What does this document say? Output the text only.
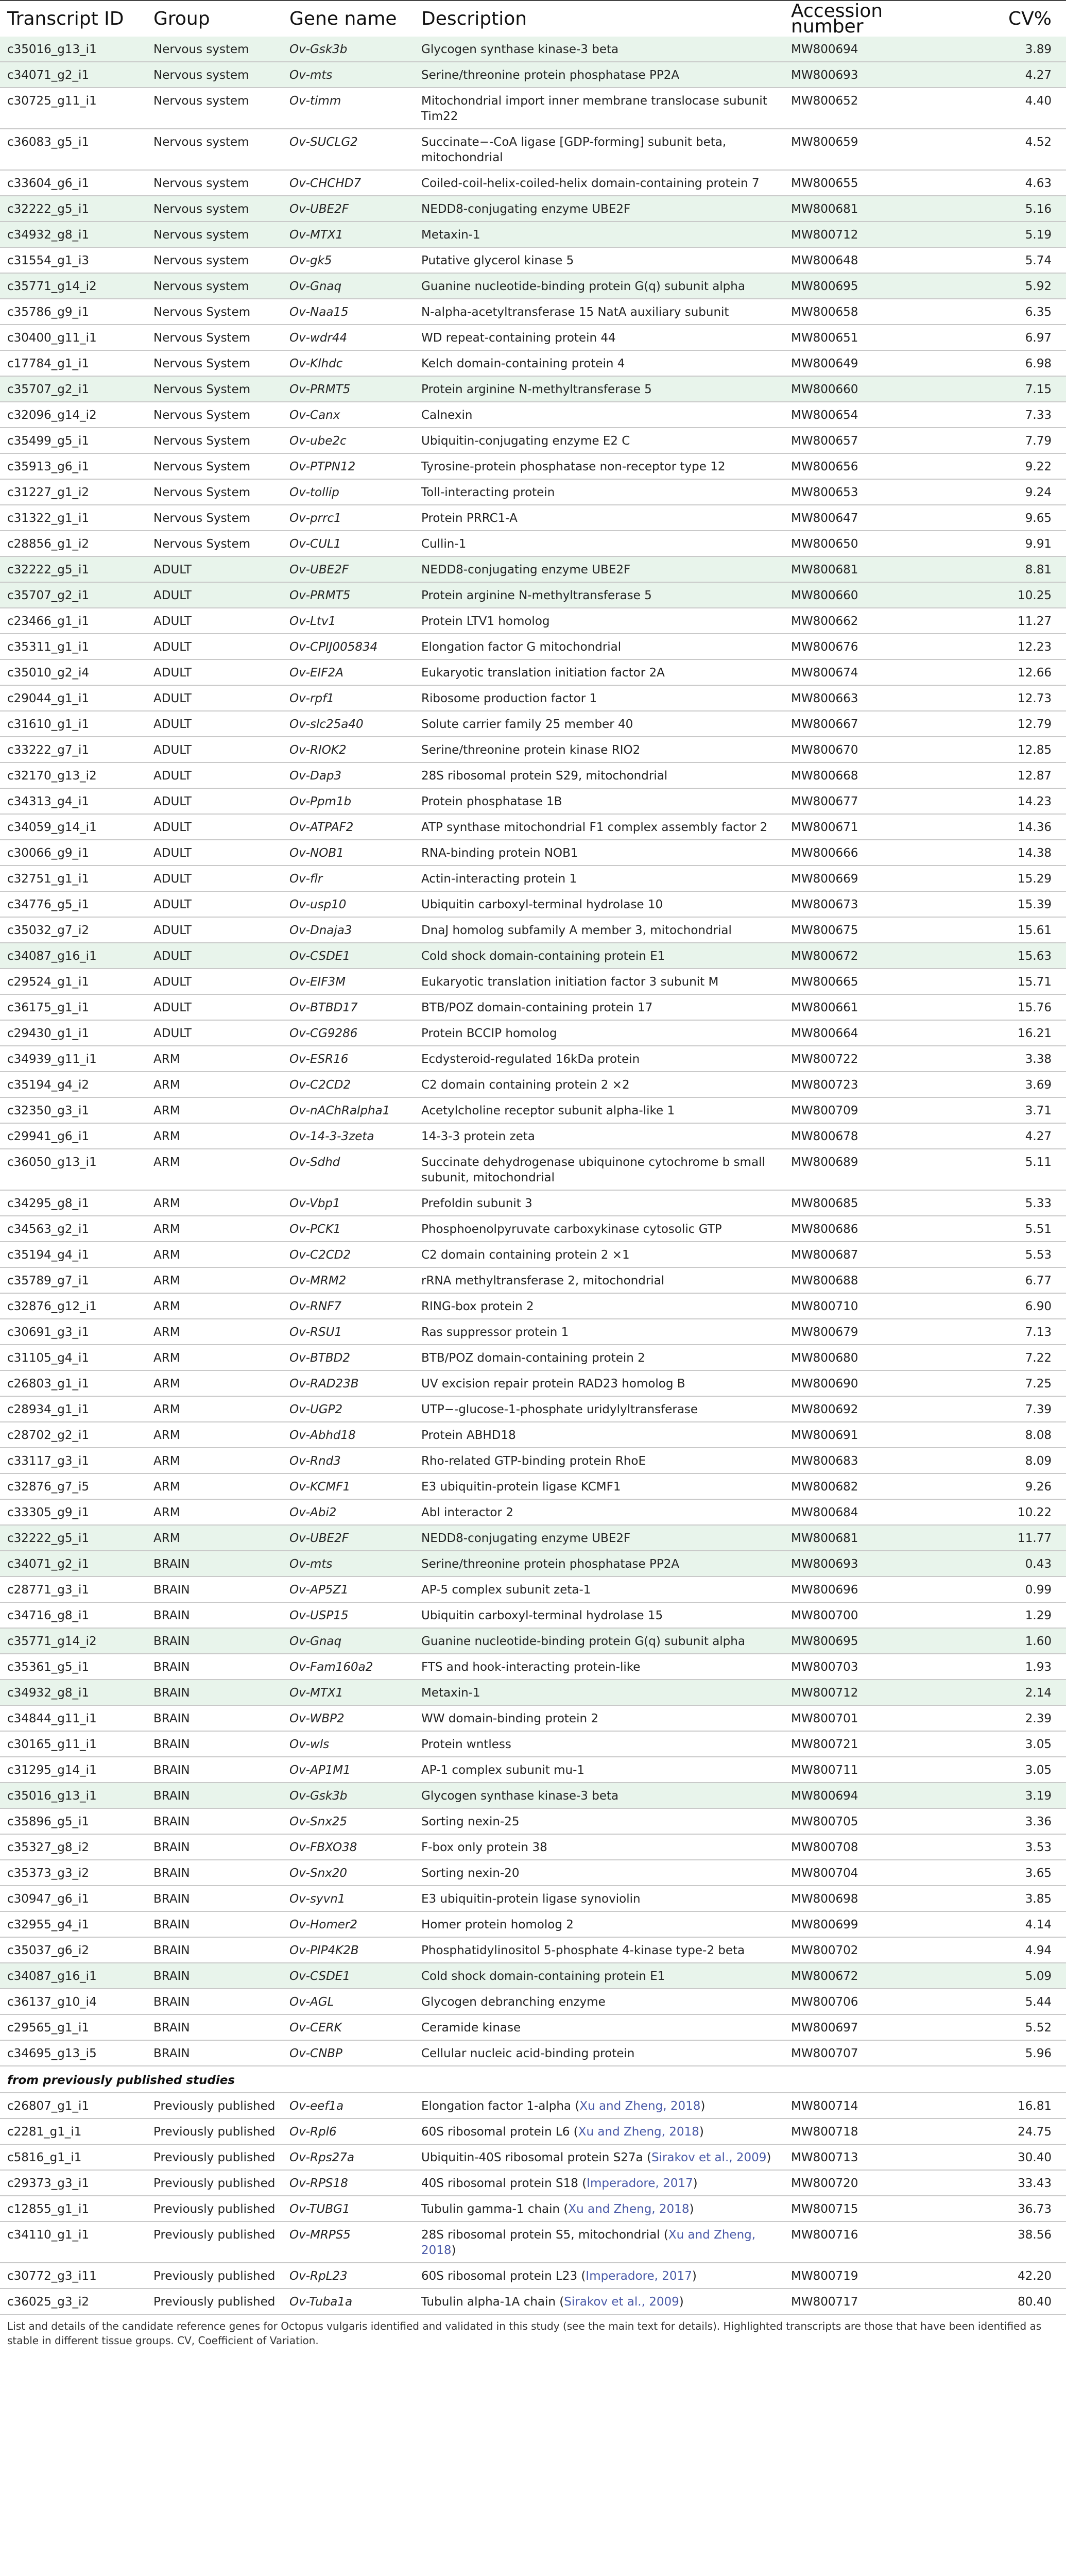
Transcript ID	Group	Gene name	Description	Accession number	CV%
c35016_g13_i1	Nervous system	Ov-Gsk3b	Glycogen synthase kinase-3 beta	MW800694	3.89
c34071_g2_i1	Nervous system	Ov-mts	Serine/threonine protein phosphatase PP2A	MW800693	4.27
c30725_g11_i1	Nervous system	Ov-timm	Mitochondrial import inner membrane translocase subunit Tim22	MW800652	4.40
c36083_g5_i1	Nervous system	Ov-SUCLG2	Succinate−-CoA ligase [GDP-forming] subunit beta, mitochondrial	MW800659	4.52
c33604_g6_i1	Nervous system	Ov-CHCHD7	Coiled-coil-helix-coiled-helix domain-containing protein 7	MW800655	4.63
c32222_g5_i1	Nervous system	Ov-UBE2F	NEDD8-conjugating enzyme UBE2F	MW800681	5.16
c34932_g8_i1	Nervous system	Ov-MTX1	Metaxin-1	MW800712	5.19
c31554_g1_i3	Nervous system	Ov-gk5	Putative glycerol kinase 5	MW800648	5.74
c35771_g14_i2	Nervous system	Ov-Gnaq	Guanine nucleotide-binding protein G(q) subunit alpha	MW800695	5.92
c35786_g9_i1	Nervous System	Ov-Naa15	N-alpha-acetyltransferase 15 NatA auxiliary subunit	MW800658	6.35
c30400_g11_i1	Nervous System	Ov-wdr44	WD repeat-containing protein 44	MW800651	6.97
c17784_g1_i1	Nervous System	Ov-Klhdc	Kelch domain-containing protein 4	MW800649	6.98
c35707_g2_i1	Nervous System	Ov-PRMT5	Protein arginine N-methyltransferase 5	MW800660	7.15
c32096_g14_i2	Nervous System	Ov-Canx	Calnexin	MW800654	7.33
c35499_g5_i1	Nervous System	Ov-ube2c	Ubiquitin-conjugating enzyme E2 C	MW800657	7.79
c35913_g6_i1	Nervous System	Ov-PTPN12	Tyrosine-protein phosphatase non-receptor type 12	MW800656	9.22
c31227_g1_i2	Nervous System	Ov-tollip	Toll-interacting protein	MW800653	9.24
c31322_g1_i1	Nervous System	Ov-prrc1	Protein PRRC1-A	MW800647	9.65
c28856_g1_i2	Nervous System	Ov-CUL1	Cullin-1	MW800650	9.91
c32222_g5_i1	ADULT	Ov-UBE2F	NEDD8-conjugating enzyme UBE2F	MW800681	8.81
c35707_g2_i1	ADULT	Ov-PRMT5	Protein arginine N-methyltransferase 5	MW800660	10.25
c23466_g1_i1	ADULT	Ov-Ltv1	Protein LTV1 homolog	MW800662	11.27
c35311_g1_i1	ADULT	Ov-CPIJ005834	Elongation factor G mitochondrial	MW800676	12.23
c35010_g2_i4	ADULT	Ov-EIF2A	Eukaryotic translation initiation factor 2A	MW800674	12.66
c29044_g1_i1	ADULT	Ov-rpf1	Ribosome production factor 1	MW800663	12.73
c31610_g1_i1	ADULT	Ov-slc25a40	Solute carrier family 25 member 40	MW800667	12.79
c33222_g7_i1	ADULT	Ov-RIOK2	Serine/threonine protein kinase RIO2	MW800670	12.85
c32170_g13_i2	ADULT	Ov-Dap3	28S ribosomal protein S29, mitochondrial	MW800668	12.87
c34313_g4_i1	ADULT	Ov-Ppm1b	Protein phosphatase 1B	MW800677	14.23
c34059_g14_i1	ADULT	Ov-ATPAF2	ATP synthase mitochondrial F1 complex assembly factor 2	MW800671	14.36
c30066_g9_i1	ADULT	Ov-NOB1	RNA-binding protein NOB1	MW800666	14.38
c32751_g1_i1	ADULT	Ov-flr	Actin-interacting protein 1	MW800669	15.29
c34776_g5_i1	ADULT	Ov-usp10	Ubiquitin carboxyl-terminal hydrolase 10	MW800673	15.39
c35032_g7_i2	ADULT	Ov-Dnaja3	DnaJ homolog subfamily A member 3, mitochondrial	MW800675	15.61
c34087_g16_i1	ADULT	Ov-CSDE1	Cold shock domain-containing protein E1	MW800672	15.63
c29524_g1_i1	ADULT	Ov-EIF3M	Eukaryotic translation initiation factor 3 subunit M	MW800665	15.71
c36175_g1_i1	ADULT	Ov-BTBD17	BTB/POZ domain-containing protein 17	MW800661	15.76
c29430_g1_i1	ADULT	Ov-CG9286	Protein BCCIP homolog	MW800664	16.21
c34939_g11_i1	ARM	Ov-ESR16	Ecdysteroid-regulated 16kDa protein	MW800722	3.38
c35194_g4_i2	ARM	Ov-C2CD2	C2 domain containing protein 2 ×2	MW800723	3.69
c32350_g3_i1	ARM	Ov-nAChRalpha1	Acetylcholine receptor subunit alpha-like 1	MW800709	3.71
c29941_g6_i1	ARM	Ov-14-3-3zeta	14-3-3 protein zeta	MW800678	4.27
c36050_g13_i1	ARM	Ov-Sdhd	Succinate dehydrogenase ubiquinone cytochrome b small subunit, mitochondrial	MW800689	5.11
c34295_g8_i1	ARM	Ov-Vbp1	Prefoldin subunit 3	MW800685	5.33
c34563_g2_i1	ARM	Ov-PCK1	Phosphoenolpyruvate carboxykinase cytosolic GTP	MW800686	5.51
c35194_g4_i1	ARM	Ov-C2CD2	C2 domain containing protein 2 ×1	MW800687	5.53
c35789_g7_i1	ARM	Ov-MRM2	rRNA methyltransferase 2, mitochondrial	MW800688	6.77
c32876_g12_i1	ARM	Ov-RNF7	RING-box protein 2	MW800710	6.90
c30691_g3_i1	ARM	Ov-RSU1	Ras suppressor protein 1	MW800679	7.13
c31105_g4_i1	ARM	Ov-BTBD2	BTB/POZ domain-containing protein 2	MW800680	7.22
c26803_g1_i1	ARM	Ov-RAD23B	UV excision repair protein RAD23 homolog B	MW800690	7.25
c28934_g1_i1	ARM	Ov-UGP2	UTP−-glucose-1-phosphate uridylyltransferase	MW800692	7.39
c28702_g2_i1	ARM	Ov-Abhd18	Protein ABHD18	MW800691	8.08
c33117_g3_i1	ARM	Ov-Rnd3	Rho-related GTP-binding protein RhoE	MW800683	8.09
c32876_g7_i5	ARM	Ov-KCMF1	E3 ubiquitin-protein ligase KCMF1	MW800682	9.26
c33305_g9_i1	ARM	Ov-Abi2	Abl interactor 2	MW800684	10.22
c32222_g5_i1	ARM	Ov-UBE2F	NEDD8-conjugating enzyme UBE2F	MW800681	11.77
c34071_g2_i1	BRAIN	Ov-mts	Serine/threonine protein phosphatase PP2A	MW800693	0.43
c28771_g3_i1	BRAIN	Ov-AP5Z1	AP-5 complex subunit zeta-1	MW800696	0.99
c34716_g8_i1	BRAIN	Ov-USP15	Ubiquitin carboxyl-terminal hydrolase 15	MW800700	1.29
c35771_g14_i2	BRAIN	Ov-Gnaq	Guanine nucleotide-binding protein G(q) subunit alpha	MW800695	1.60
c35361_g5_i1	BRAIN	Ov-Fam160a2	FTS and hook-interacting protein-like	MW800703	1.93
c34932_g8_i1	BRAIN	Ov-MTX1	Metaxin-1	MW800712	2.14
c34844_g11_i1	BRAIN	Ov-WBP2	WW domain-binding protein 2	MW800701	2.39
c30165_g11_i1	BRAIN	Ov-wls	Protein wntless	MW800721	3.05
c31295_g14_i1	BRAIN	Ov-AP1M1	AP-1 complex subunit mu-1	MW800711	3.05
c35016_g13_i1	BRAIN	Ov-Gsk3b	Glycogen synthase kinase-3 beta	MW800694	3.19
c35896_g5_i1	BRAIN	Ov-Snx25	Sorting nexin-25	MW800705	3.36
c35327_g8_i2	BRAIN	Ov-FBXO38	F-box only protein 38	MW800708	3.53
c35373_g3_i2	BRAIN	Ov-Snx20	Sorting nexin-20	MW800704	3.65
c30947_g6_i1	BRAIN	Ov-syvn1	E3 ubiquitin-protein ligase synoviolin	MW800698	3.85
c32955_g4_i1	BRAIN	Ov-Homer2	Homer protein homolog 2	MW800699	4.14
c35037_g6_i2	BRAIN	Ov-PIP4K2B	Phosphatidylinositol 5-phosphate 4-kinase type-2 beta	MW800702	4.94
c34087_g16_i1	BRAIN	Ov-CSDE1	Cold shock domain-containing protein E1	MW800672	5.09
c36137_g10_i4	BRAIN	Ov-AGL	Glycogen debranching enzyme	MW800706	5.44
c29565_g1_i1	BRAIN	Ov-CERK	Ceramide kinase	MW800697	5.52
c34695_g13_i5	BRAIN	Ov-CNBP	Cellular nucleic acid-binding protein	MW800707	5.96
from previously published studies					
c26807_g1_i1	Previously published	Ov-eef1a	Elongation factor 1-alpha (Xu and Zheng, 2018)	MW800714	16.81
c2281_g1_i1	Previously published	Ov-Rpl6	60S ribosomal protein L6 (Xu and Zheng, 2018)	MW800718	24.75
c5816_g1_i1	Previously published	Ov-Rps27a	Ubiquitin-40S ribosomal protein S27a (Sirakov et al., 2009)	MW800713	30.40
c29373_g3_i1	Previously published	Ov-RPS18	40S ribosomal protein S18 (Imperadore, 2017)	MW800720	33.43
c12855_g1_i1	Previously published	Ov-TUBG1	Tubulin gamma-1 chain (Xu and Zheng, 2018)	MW800715	36.73
c34110_g1_i1	Previously published	Ov-MRPS5	28S ribosomal protein S5, mitochondrial (Xu and Zheng, 2018)	MW800716	38.56
c30772_g3_i11	Previously published	Ov-RpL23	60S ribosomal protein L23 (Imperadore, 2017)	MW800719	42.20
c36025_g3_i2	Previously published	Ov-Tuba1a	Tubulin alpha-1A chain (Sirakov et al., 2009)	MW800717	80.40
List and details of the candidate reference genes for Octopus vulgaris identified and validated in this study (see the main text for details). Highlighted transcripts are those that have been identified as stable in different tissue groups. CV, Coefficient of Variation.
